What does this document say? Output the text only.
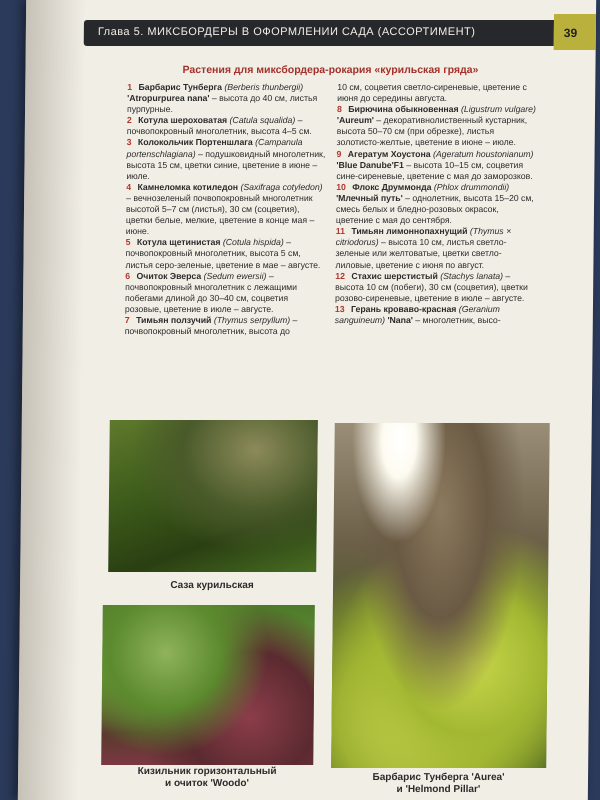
Глава 5. МИКСБОРДЕРЫ В ОФОРМЛЕНИИ САДА (АССОРТИМЕНТ)	39
Растения для миксбордера-рокария «курильская гряда»
1 Барбарис Тунберга (Berberis thunbergii) 'Atropurpurea nana' – высота до 40 см, листья пурпурные.
2 Котула шероховатая (Catula squalida) – почвопокровный многолетник, высота 4–5 см.
3 Колокольчик Портеншлага (Campanula portenschlagiana) – подушковидный многолетник, высота 15 см, цветки синие, цветение в июне – июле.
4 Камнеломка котиледон (Saxifraga cotyledon) – вечнозеленый почвопокровный многолетник высотой 5–7 см (листья), 30 см (соцветия), цветки белые, мелкие, цветение в конце мая – июне.
5 Котула щетинистая (Cotula hispida) – почвопокровный многолетник, высота 5 см, листья серо-зеленые, цветение в мае – августе.
6 Очиток Эверса (Sedum ewersii) – почвопокровный многолетник с лежащими побегами длиной до 30–40 см, соцветия розовые, цветение в июле – августе.
7 Тимьян ползучий (Thymus serpyllum) – почвопокровный многолетник, высота до
10 см, соцветия светло-сиреневые, цветение с июня до середины августа.
8 Бирючина обыкновенная (Ligustrum vulgare) 'Aureum' – декоративнолиственный кустарник, высота 50–70 см (при обрезке), листья золотисто-желтые, цветение в июне – июле.
9 Агератум Хоустона (Ageratum houstonianum) 'Blue Danube'F1 – высота 10–15 см, соцветия сине-сиреневые, цветение с мая до заморозков.
10 Флокс Друммонда (Phlox drummondii) 'Млечный путь' – однолетник, высота 15–20 см, смесь белых и бледно-розовых окрасок, цветение с мая до сентября.
11 Тимьян лимоннопахнущий (Thymus × citriodorus) – высота 10 см, листья светло-зеленые или желтоватые, цветки светло-лиловые, цветение с июня по август.
12 Стахис шерстистый (Stachys lanata) – высота 10 см (побеги), 30 см (соцветия), цветки розово-сиреневые, цветение в июле – августе.
13 Герань кроваво-красная (Geranium sanguineum) 'Nana' – многолетник, высо-
Саза курильская
Кизильник горизонтальный
и очиток 'Woodo'
Барбарис Тунберга 'Aurea'
и 'Helmond Pillar'
